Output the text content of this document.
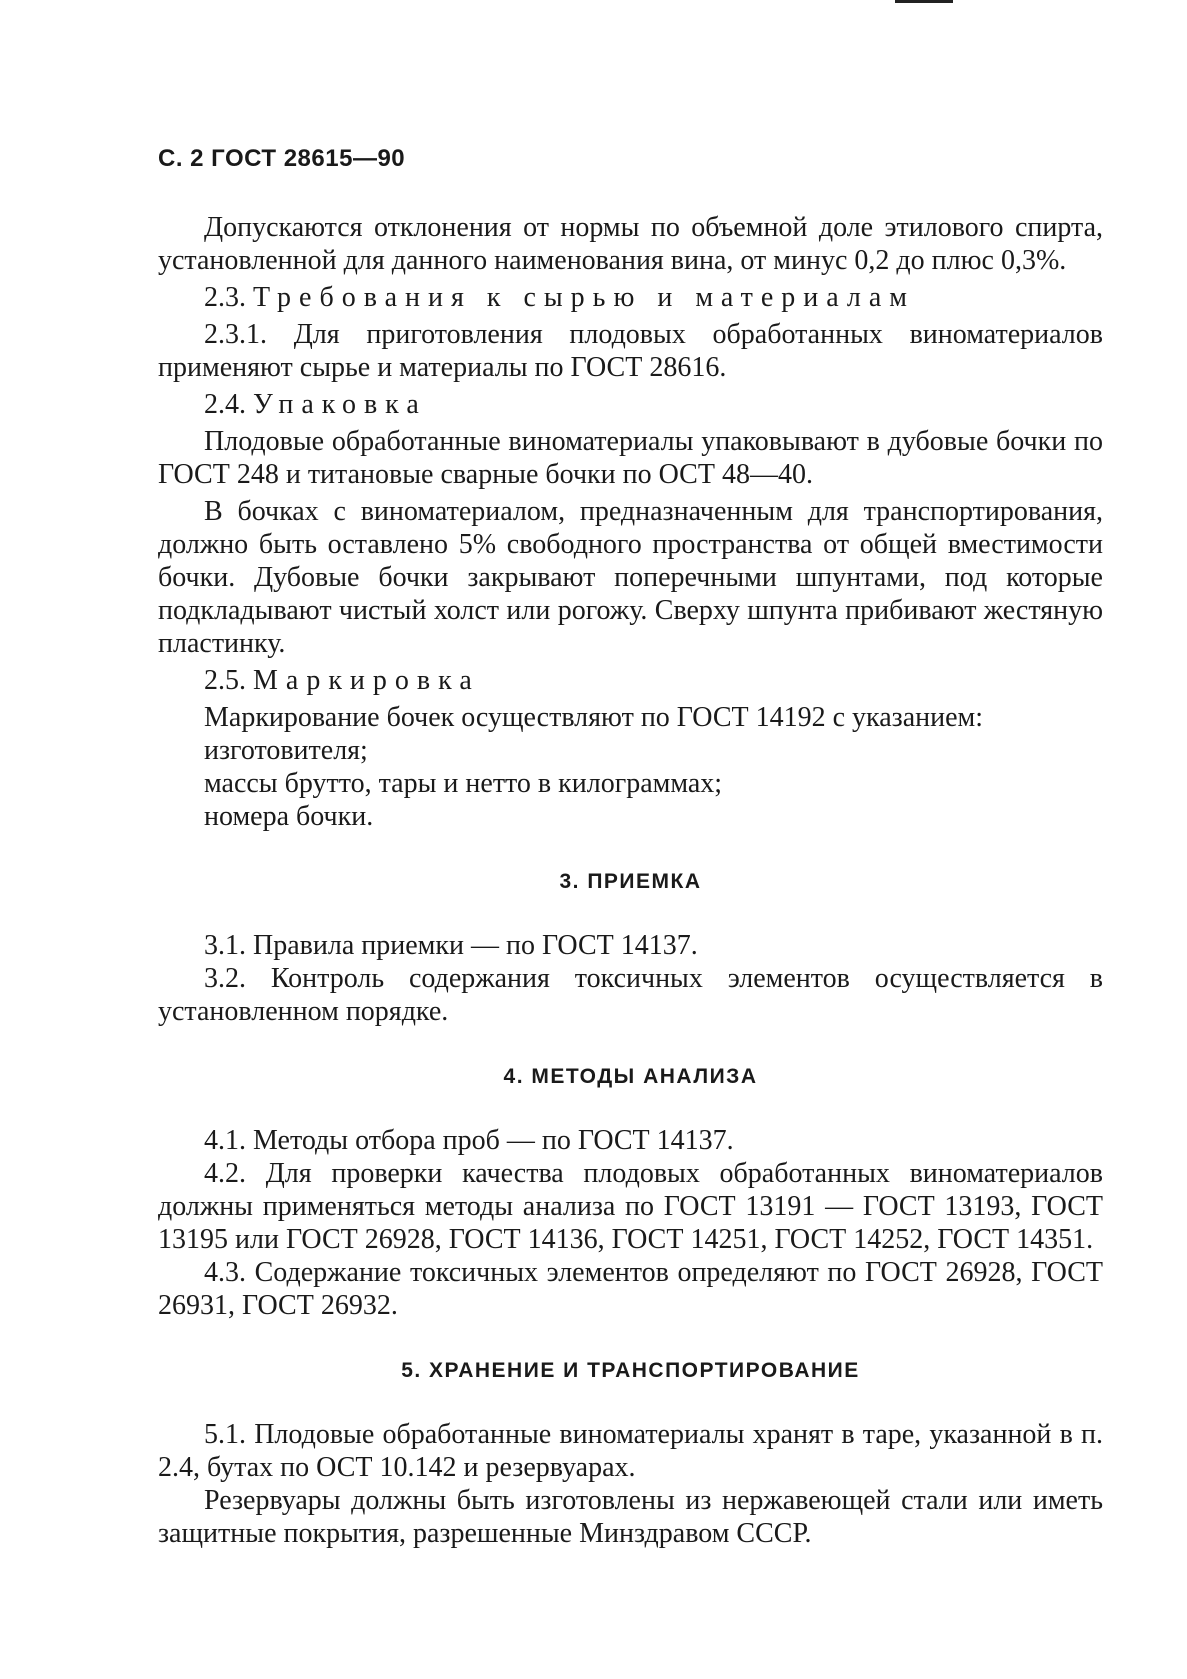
С. 2 ГОСТ 28615—90

Допускаются отклонения от нормы по объемной доле этилового спирта, установленной для данного наименования вина, от минус 0,2 до плюс 0,3%.

2.3. Требования к сырью и материалам

2.3.1. Для приготовления плодовых обработанных виноматериалов применяют сырье и материалы по ГОСТ 28616.

2.4. Упаковка

Плодовые обработанные виноматериалы упаковывают в дубовые бочки по ГОСТ 248 и титановые сварные бочки по ОСТ 48—40.

В бочках с виноматериалом, предназначенным для транспортирования, должно быть оставлено 5% свободного пространства от общей вместимости бочки. Дубовые бочки закрывают поперечными шпунтами, под которые подкладывают чистый холст или рогожу. Сверху шпунта прибивают жестяную пластинку.

2.5. Маркировка

Маркирование бочек осуществляют по ГОСТ 14192 с указанием:

изготовителя;

массы брутто, тары и нетто в килограммах;

номера бочки.

3. ПРИЕМКА

3.1. Правила приемки — по ГОСТ 14137.

3.2. Контроль содержания токсичных элементов осуществляется в установленном порядке.

4. МЕТОДЫ АНАЛИЗА

4.1. Методы отбора проб — по ГОСТ 14137.

4.2. Для проверки качества плодовых обработанных виноматериалов должны применяться методы анализа по ГОСТ 13191 — ГОСТ 13193, ГОСТ 13195 или ГОСТ 26928, ГОСТ 14136, ГОСТ 14251, ГОСТ 14252, ГОСТ 14351.

4.3. Содержание токсичных элементов определяют по ГОСТ 26928, ГОСТ 26931, ГОСТ 26932.

5. ХРАНЕНИЕ И ТРАНСПОРТИРОВАНИЕ

5.1. Плодовые обработанные виноматериалы хранят в таре, указанной в п. 2.4, бутах по ОСТ 10.142 и резервуарах.

Резервуары должны быть изготовлены из нержавеющей стали или иметь защитные покрытия, разрешенные Минздравом СССР.
